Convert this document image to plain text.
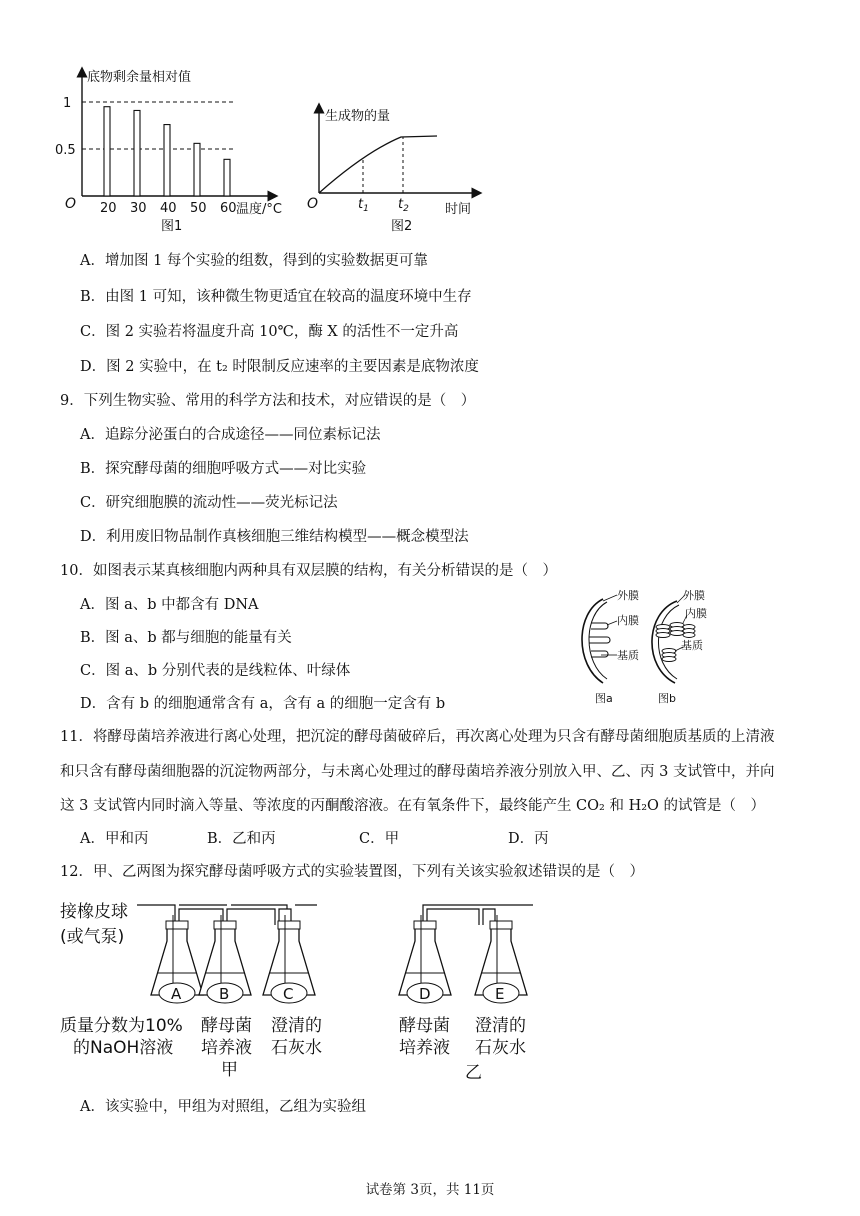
底物剩余量相对值
1
0.5
O 20 30 40 50 60 温度/°C
图1
生成物的量
O	$t_1$ $t_2$	时间
图2
A．增加图 1 每个实验的组数，得到的实验数据更可靠
B．由图 1 可知，该种微生物更适宜在较高的温度环境中生存
C．图 2 实验若将温度升高 10℃，酶 X 的活性不一定升高
D．图 2 实验中，在 t₂ 时限制反应速率的主要因素是底物浓度
9．下列生物实验、常用的科学方法和技术，对应错误的是（　）
A．追踪分泌蛋白的合成途径——同位素标记法
B．探究酵母菌的细胞呼吸方式——对比实验
C．研究细胞膜的流动性——荧光标记法
D．利用废旧物品制作真核细胞三维结构模型——概念模型法
10．如图表示某真核细胞内两种具有双层膜的结构，有关分析错误的是（　）
A．图 a、b 中都含有 DNA
B．图 a、b 都与细胞的能量有关
C．图 a、b 分别代表的是线粒体、叶绿体
D．含有 b 的细胞通常含有 a，含有 a 的细胞一定含有 b
外膜
内膜
基质
图a
外膜
内膜
基质
图b
11．将酵母菌培养液进行离心处理，把沉淀的酵母菌破碎后，再次离心处理为只含有酵母菌细胞质基质的上清液
和只含有酵母菌细胞器的沉淀物两部分，与未离心处理过的酵母菌培养液分别放入甲、乙、丙 3 支试管中，并向
这 3 支试管内同时滴入等量、等浓度的丙酮酸溶液。在有氧条件下，最终能产生 CO₂ 和 H₂O 的试管是（　）
A．甲和丙	B．乙和丙	C．甲	D．丙
12．甲、乙两图为探究酵母菌呼吸方式的实验装置图，下列有关该实验叙述错误的是（　）
接橡皮球
(或气泵)
A	B	C	D	E
质量分数为10%
的NaOH溶液
酵母菌
培养液
澄清的
石灰水
甲
酵母菌
培养液
澄清的
石灰水
乙
A．该实验中，甲组为对照组，乙组为实验组
试卷第 3页，共 11页
